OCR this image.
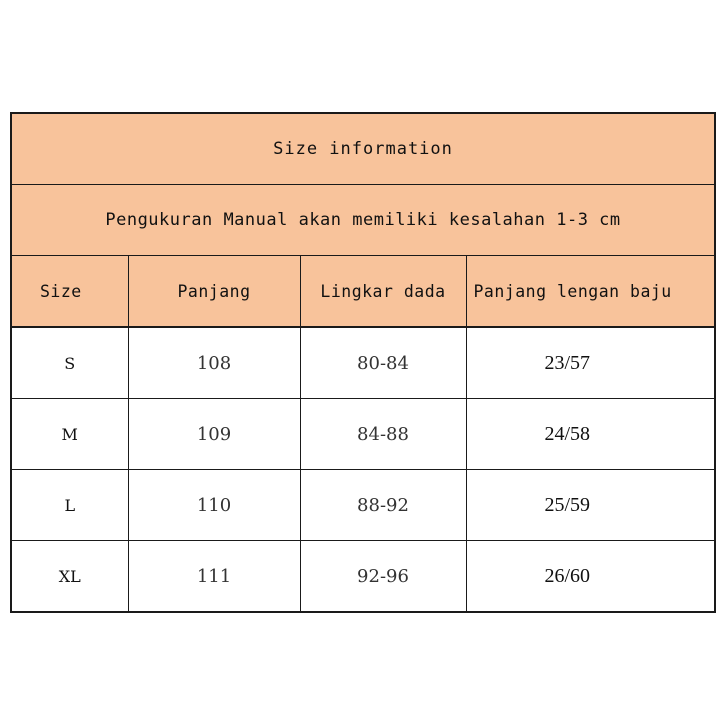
Size information			
Pengukuran Manual akan memiliki kesalahan 1-3 cm			
Size	Panjang	Lingkar dada	Panjang lengan baju
S	108	80-84	23/57
M	109	84-88	24/58
L	110	88-92	25/59
XL	111	92-96	26/60
